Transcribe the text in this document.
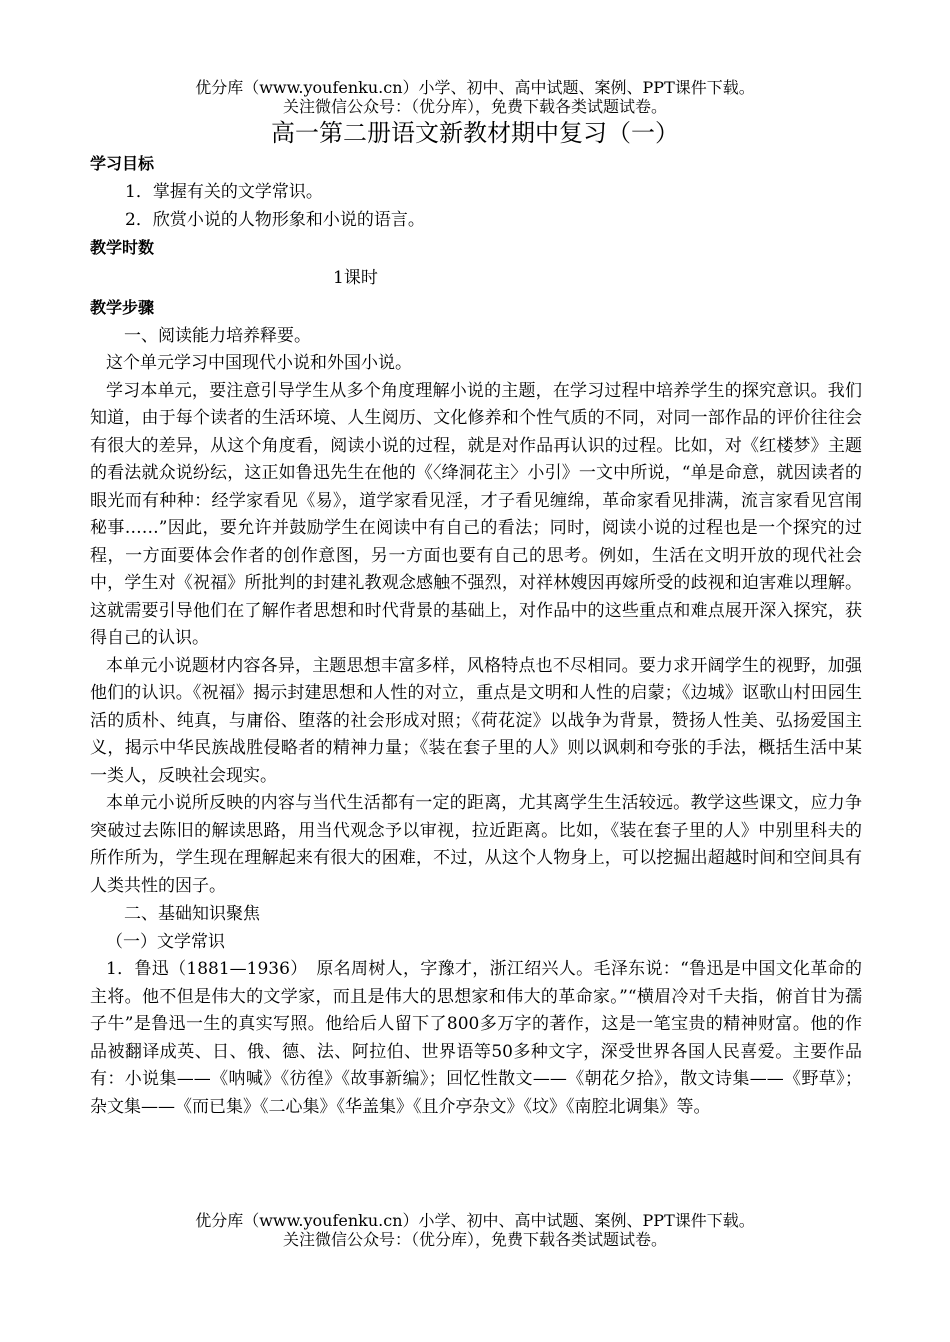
优分库（www.youfenku.cn）小学、初中、高中试题、案例、PPT课件下载。
关注微信公众号：（优分库），免费下载各类试题试卷。
高一第二册语文新教材期中复习（一）
学习目标
1．掌握有关的文学常识。
2．欣赏小说的人物形象和小说的语言。
教学时数
1课时
教学步骤
一、阅读能力培养释要。

这个单元学习中国现代小说和外国小说。

学习本单元，要注意引导学生从多个角度理解小说的主题，在学习过程中培养学生的探究意识。我们知道，由于每个读者的生活环境、人生阅历、文化修养和个性气质的不同，对同一部作品的评价往往会有很大的差异，从这个角度看，阅读小说的过程，就是对作品再认识的过程。比如，对《红楼梦》主题的看法就众说纷纭，这正如鲁迅先生在他的《〈绛洞花主〉小引》一文中所说，“单是命意，就因读者的眼光而有种种：经学家看见《易》，道学家看见淫，才子看见缠绵，革命家看见排满，流言家看见宫闱秘事……”因此，要允许并鼓励学生在阅读中有自己的看法；同时，阅读小说的过程也是一个探究的过程，一方面要体会作者的创作意图，另一方面也要有自己的思考。例如，生活在文明开放的现代社会中，学生对《祝福》所批判的封建礼教观念感触不强烈，对祥林嫂因再嫁所受的歧视和迫害难以理解。这就需要引导他们在了解作者思想和时代背景的基础上，对作品中的这些重点和难点展开深入探究，获得自己的认识。

本单元小说题材内容各异，主题思想丰富多样，风格特点也不尽相同。要力求开阔学生的视野，加强他们的认识。《祝福》揭示封建思想和人性的对立，重点是文明和人性的启蒙；《边城》讴歌山村田园生活的质朴、纯真，与庸俗、堕落的社会形成对照；《荷花淀》以战争为背景，赞扬人性美、弘扬爱国主义，揭示中华民族战胜侵略者的精神力量；《装在套子里的人》则以讽刺和夸张的手法，概括生活中某一类人，反映社会现实。

本单元小说所反映的内容与当代生活都有一定的距离，尤其离学生生活较远。教学这些课文，应力争突破过去陈旧的解读思路，用当代观念予以审视，拉近距离。比如，《装在套子里的人》中别里科夫的所作所为，学生现在理解起来有很大的困难，不过，从这个人物身上，可以挖掘出超越时间和空间具有人类共性的因子。

二、基础知识聚焦
（一）文学常识

1．鲁迅（1881—1936）　原名周树人，字豫才，浙江绍兴人。毛泽东说：“鲁迅是中国文化革命的主将。他不但是伟大的文学家，而且是伟大的思想家和伟大的革命家。”“横眉冷对千夫指，俯首甘为孺子牛”是鲁迅一生的真实写照。他给后人留下了800多万字的著作，这是一笔宝贵的精神财富。他的作品被翻译成英、日、俄、德、法、阿拉伯、世界语等50多种文字，深受世界各国人民喜爱。主要作品有：小说集——《呐喊》《彷徨》《故事新编》；回忆性散文——《朝花夕拾》，散文诗集——《野草》；杂文集——《而已集》《二心集》《华盖集》《且介亭杂文》《坟》《南腔北调集》等。

优分库（www.youfenku.cn）小学、初中、高中试题、案例、PPT课件下载。
关注微信公众号：（优分库），免费下载各类试题试卷。
